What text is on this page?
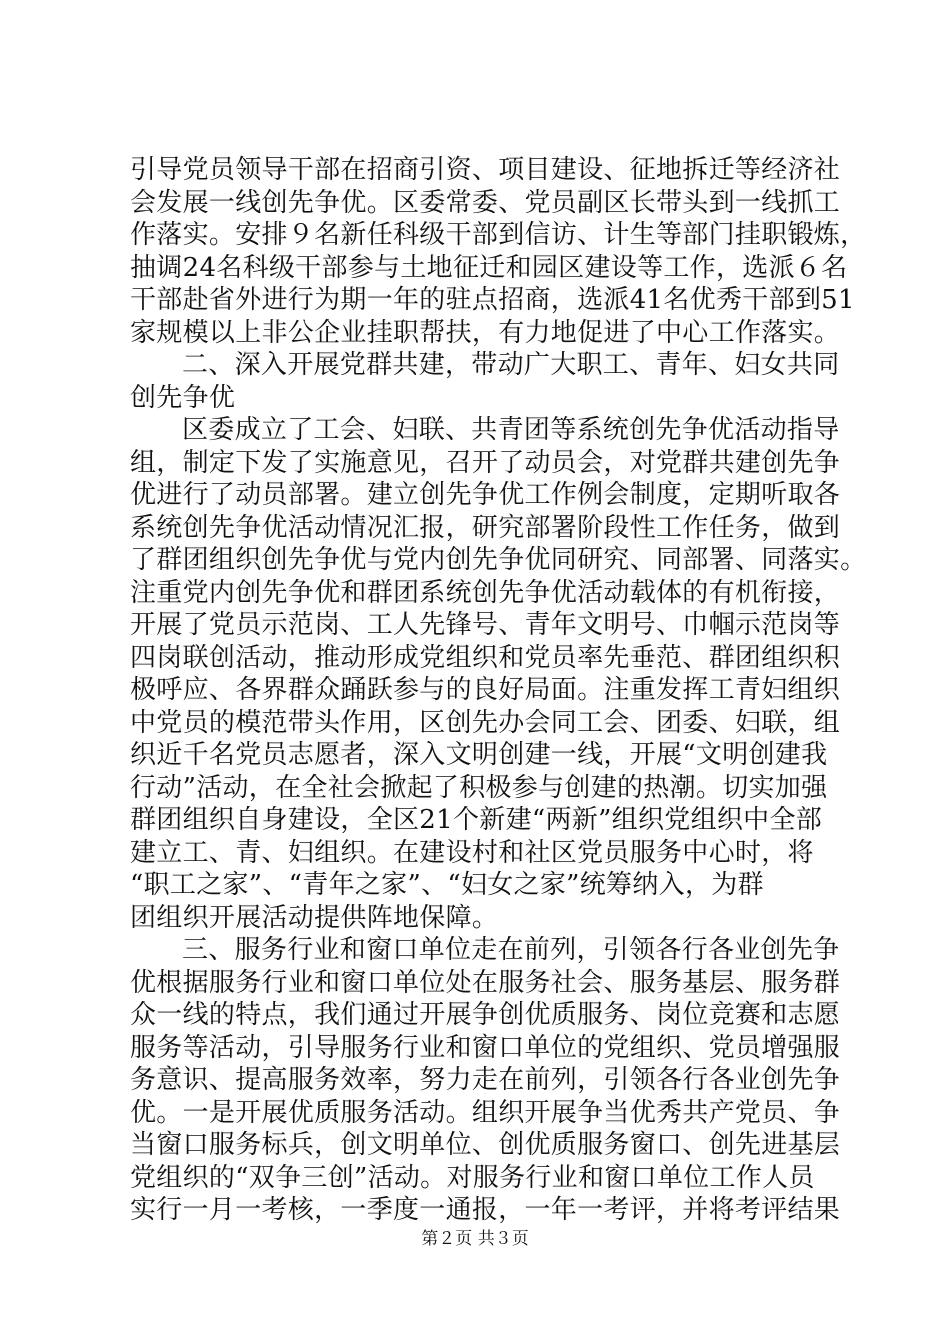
引导党员领导干部在招商引资、项目建设、征地拆迁等经济社
会发展一线创先争优。区委常委、党员副区长带头到一线抓工
作落实。安排９名新任科级干部到信访、计生等部门挂职锻炼，
抽调24名科级干部参与土地征迁和园区建设等工作，选派６名
干部赴省外进行为期一年的驻点招商，选派41名优秀干部到51
家规模以上非公企业挂职帮扶，有力地促进了中心工作落实。
二、深入开展党群共建，带动广大职工、青年、妇女共同
创先争优
区委成立了工会、妇联、共青团等系统创先争优活动指导
组，制定下发了实施意见，召开了动员会，对党群共建创先争
优进行了动员部署。建立创先争优工作例会制度，定期听取各
系统创先争优活动情况汇报，研究部署阶段性工作任务，做到
了群团组织创先争优与党内创先争优同研究、同部署、同落实。
注重党内创先争优和群团系统创先争优活动载体的有机衔接，
开展了党员示范岗、工人先锋号、青年文明号、巾帼示范岗等
四岗联创活动，推动形成党组织和党员率先垂范、群团组织积
极呼应、各界群众踊跃参与的良好局面。注重发挥工青妇组织
中党员的模范带头作用，区创先办会同工会、团委、妇联，组
织近千名党员志愿者，深入文明创建一线，开展“文明创建我
行动”活动，在全社会掀起了积极参与创建的热潮。切实加强
群团组织自身建设，全区21个新建“两新”组织党组织中全部
建立工、青、妇组织。在建设村和社区党员服务中心时，将
“职工之家”、“青年之家”、“妇女之家”统筹纳入，为群
团组织开展活动提供阵地保障。
三、服务行业和窗口单位走在前列，引领各行各业创先争
优根据服务行业和窗口单位处在服务社会、服务基层、服务群
众一线的特点，我们通过开展争创优质服务、岗位竞赛和志愿
服务等活动，引导服务行业和窗口单位的党组织、党员增强服
务意识、提高服务效率，努力走在前列，引领各行各业创先争
优。一是开展优质服务活动。组织开展争当优秀共产党员、争
当窗口服务标兵，创文明单位、创优质服务窗口、创先进基层
党组织的“双争三创”活动。对服务行业和窗口单位工作人员
实行一月一考核，一季度一通报，一年一考评，并将考评结果
第２页 共３页
